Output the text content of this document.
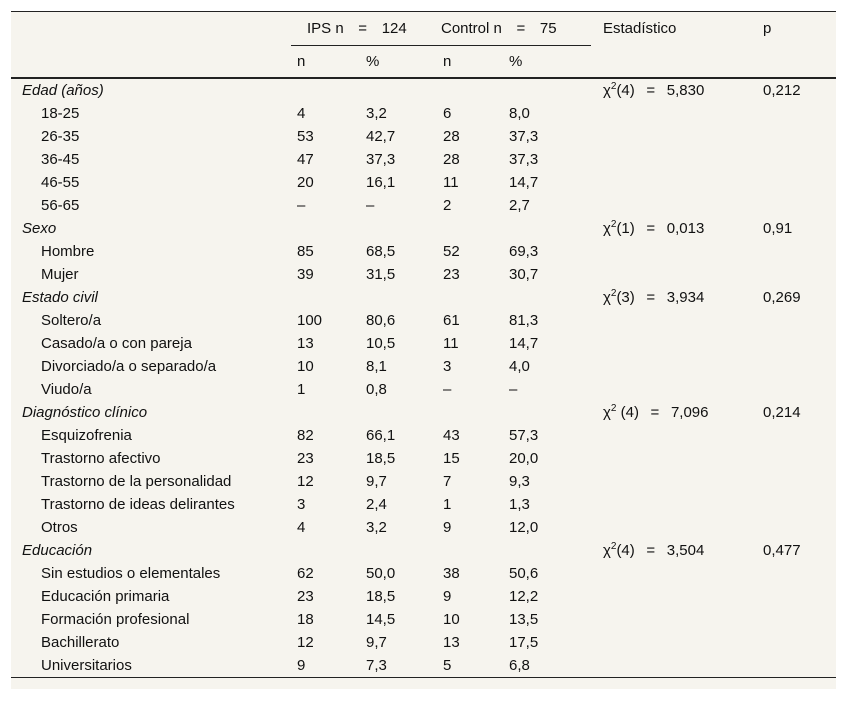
	IPS n = 124		Control n = 75		Estadístico	p
	n	%	n	%		
Edad (años)					$\chi^2(4) = 5,830$	0,212
18-25	4	3,2	6	8,0		
26-35	53	42,7	28	37,3		
36-45	47	37,3	28	37,3		
46-55	20	16,1	11	14,7		
56-65	–	–	2	2,7		
Sexo					$\chi^2(1) = 0,013$	0,91
Hombre	85	68,5	52	69,3		
Mujer	39	31,5	23	30,7		
Estado civil					$\chi^2(3) = 3,934$	0,269
Soltero/a	100	80,6	61	81,3		
Casado/a o con pareja	13	10,5	11	14,7		
Divorciado/a o separado/a	10	8,1	3	4,0		
Viudo/a	1	0,8	–	–		
Diagnóstico clínico					$\chi^2$ (4) = 7,096	0,214
Esquizofrenia	82	66,1	43	57,3		
Trastorno afectivo	23	18,5	15	20,0		
Trastorno de la personalidad	12	9,7	7	9,3		
Trastorno de ideas delirantes	3	2,4	1	1,3		
Otros	4	3,2	9	12,0		
Educación					$\chi^2(4) = 3,504$	0,477
Sin estudios o elementales	62	50,0	38	50,6		
Educación primaria	23	18,5	9	12,2		
Formación profesional	18	14,5	10	13,5		
Bachillerato	12	9,7	13	17,5		
Universitarios	9	7,3	5	6,8		
